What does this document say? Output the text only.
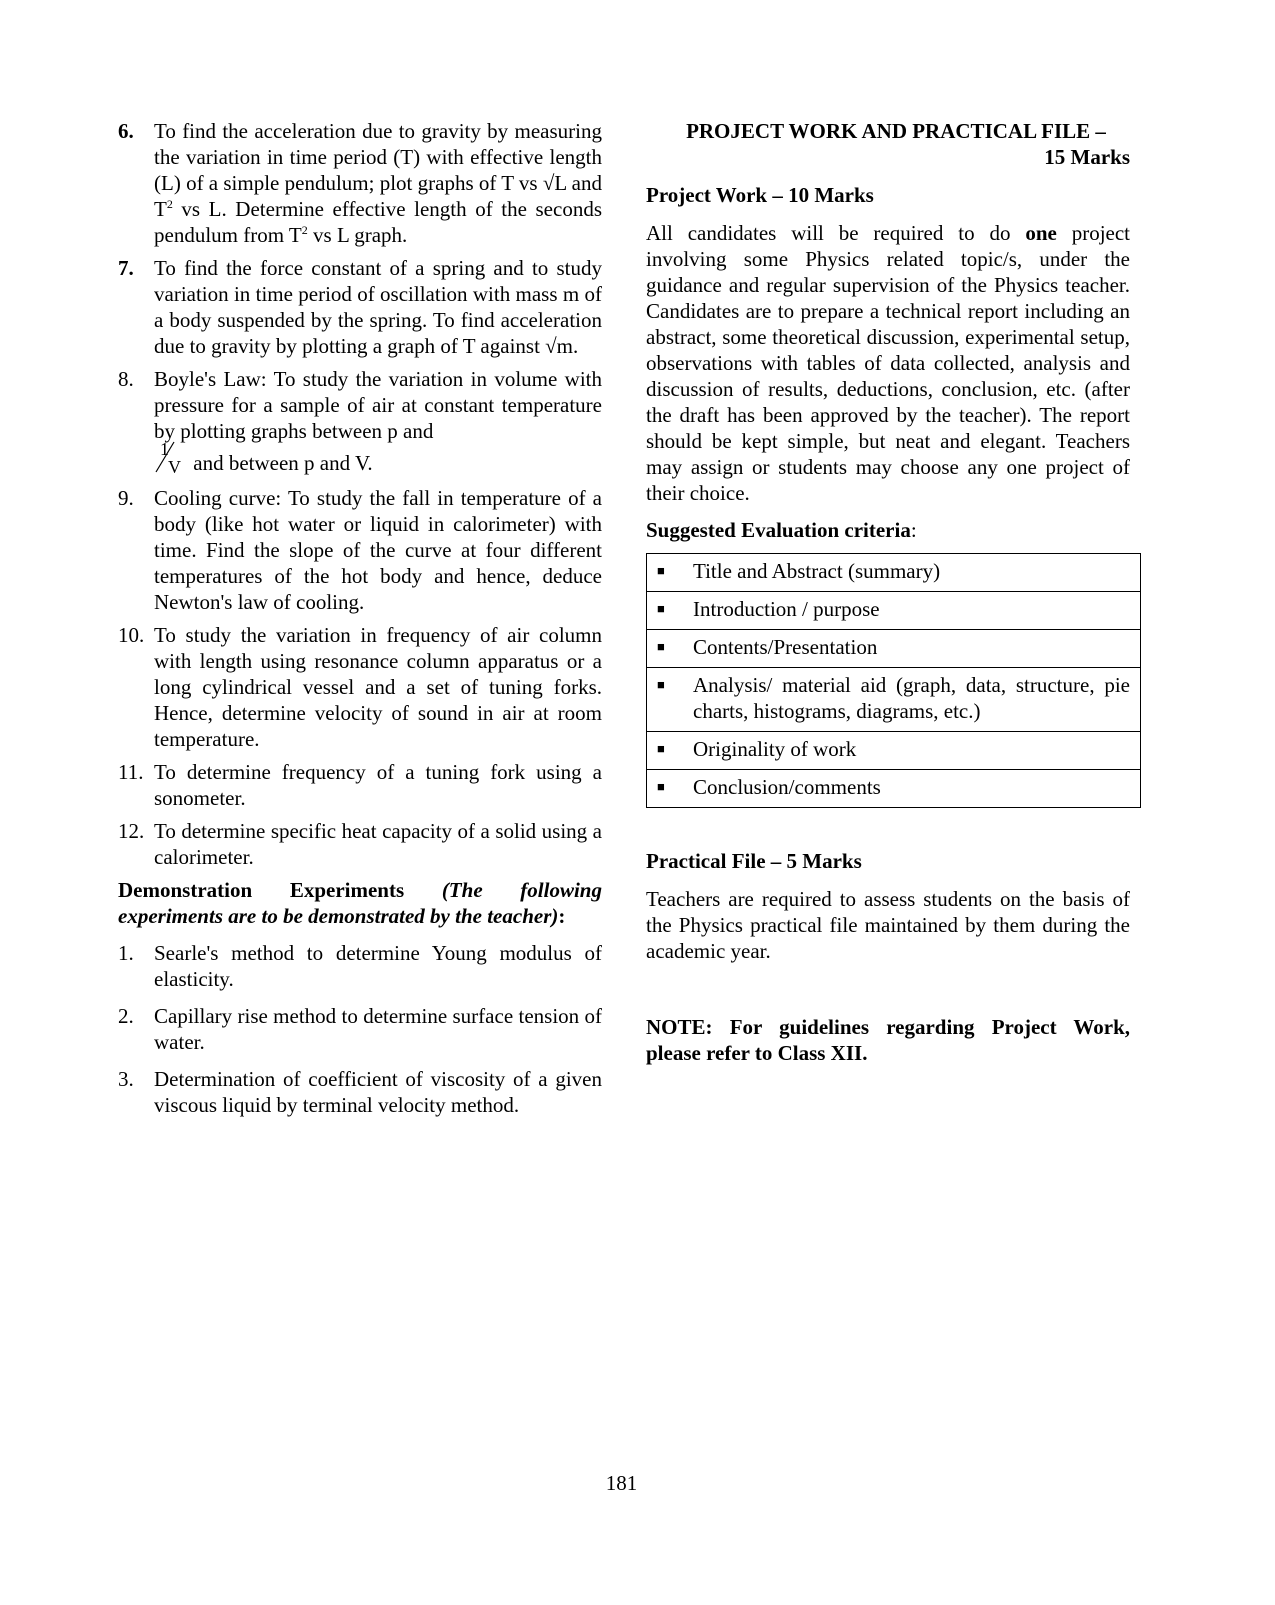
6. To find the acceleration due to gravity by measuring the variation in time period (T) with effective length (L) of a simple pendulum; plot graphs of T vs √L and $T^2$ vs L. Determine effective length of the seconds pendulum from $T^2$ vs L graph.
7. To find the force constant of a spring and to study variation in time period of oscillation with mass m of a body suspended by the spring. To find acceleration due to gravity by plotting a graph of T against √m.
8. Boyle's Law: To study the variation in volume with pressure for a sample of air at constant temperature by plotting graphs between p and

1
V and between p and V.
9. Cooling curve: To study the fall in temperature of a body (like hot water or liquid in calorimeter) with time. Find the slope of the curve at four different temperatures of the hot body and hence, deduce Newton's law of cooling.
10. To study the variation in frequency of air column with length using resonance column apparatus or a long cylindrical vessel and a set of tuning forks. Hence, determine velocity of sound in air at room temperature.
11. To determine frequency of a tuning fork using a sonometer.
12. To determine specific heat capacity of a solid using a calorimeter.

Demonstration Experiments (The following experiments are to be demonstrated by the teacher):

1. Searle's method to determine Young modulus of elasticity.
2. Capillary rise method to determine surface tension of water.
3. Determination of coefficient of viscosity of a given viscous liquid by terminal velocity method.
PROJECT WORK AND PRACTICAL FILE –
15 Marks
Project Work – 10 Marks

All candidates will be required to do one project involving some Physics related topic/s, under the guidance and regular supervision of the Physics teacher. Candidates are to prepare a technical report including an abstract, some theoretical discussion, experimental setup, observations with tables of data collected, analysis and discussion of results, deductions, conclusion, etc. (after the draft has been approved by the teacher). The report should be kept simple, but neat and elegant. Teachers may assign or students may choose any one project of their choice.

Suggested Evaluation criteria:
■	Title and Abstract (summary)

■	Introduction / purpose

■	Contents/Presentation

■	Analysis/ material aid (graph, data, structure, pie charts, histograms, diagrams, etc.)

■	Originality of work

■	Conclusion/comments
Practical File – 5 Marks

Teachers are required to assess students on the basis of the Physics practical file maintained by them during the academic year.

NOTE: For guidelines regarding Project Work, please refer to Class XII.

181
